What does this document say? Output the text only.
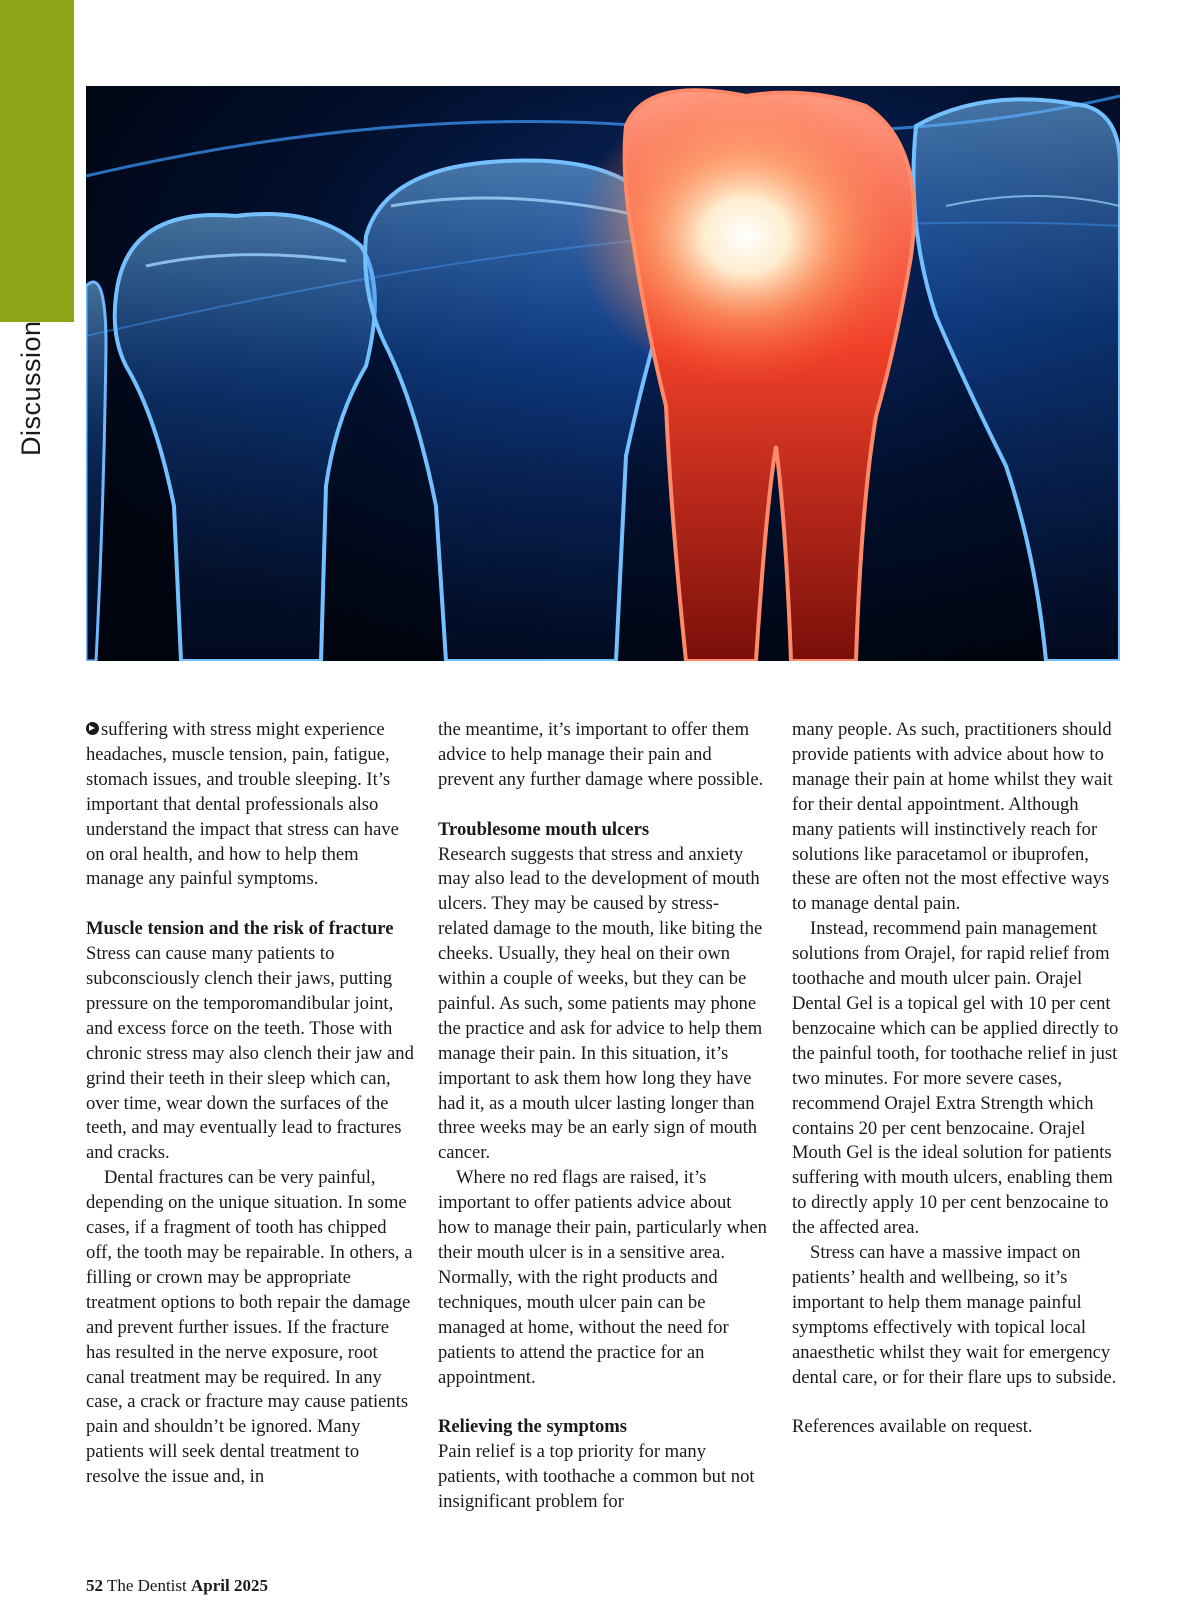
Discussion

suffering with stress might experience headaches, muscle tension, pain, fatigue, stomach issues, and trouble sleeping. It’s important that dental professionals also understand the impact that stress can have on oral health, and how to help them manage any painful symptoms.

Muscle tension and the risk of fracture

Stress can cause many patients to subconsciously clench their jaws, putting pressure on the temporomandibular joint, and excess force on the teeth. Those with chronic stress may also clench their jaw and grind their teeth in their sleep which can, over time, wear down the surfaces of the teeth, and may eventually lead to fractures and cracks.

Dental fractures can be very painful, depending on the unique situation. In some cases, if a fragment of tooth has chipped off, the tooth may be repairable. In others, a filling or crown may be appropriate treatment options to both repair the damage and prevent further issues. If the fracture has resulted in the nerve exposure, root canal treatment may be required. In any case, a crack or fracture may cause patients pain and shouldn’t be ignored. Many patients will seek dental treatment to resolve the issue and, in

the meantime, it’s important to offer them advice to help manage their pain and prevent any further damage where possible.

Troublesome mouth ulcers

Research suggests that stress and anxiety may also lead to the development of mouth ulcers. They may be caused by stress-related damage to the mouth, like biting the cheeks. Usually, they heal on their own within a couple of weeks, but they can be painful. As such, some patients may phone the practice and ask for advice to help them manage their pain. In this situation, it’s important to ask them how long they have had it, as a mouth ulcer lasting longer than three weeks may be an early sign of mouth cancer.

Where no red flags are raised, it’s important to offer patients advice about how to manage their pain, particularly when their mouth ulcer is in a sensitive area. Normally, with the right products and techniques, mouth ulcer pain can be managed at home, without the need for patients to attend the practice for an appointment.

Relieving the symptoms

Pain relief is a top priority for many patients, with toothache a common but not insignificant problem for

many people. As such, practitioners should provide patients with advice about how to manage their pain at home whilst they wait for their dental appointment. Although many patients will instinctively reach for solutions like paracetamol or ibuprofen, these are often not the most effective ways to manage dental pain.

Instead, recommend pain management solutions from Orajel, for rapid relief from toothache and mouth ulcer pain. Orajel Dental Gel is a topical gel with 10 per cent benzocaine which can be applied directly to the painful tooth, for toothache relief in just two minutes. For more severe cases, recommend Orajel Extra Strength which contains 20 per cent benzocaine. Orajel Mouth Gel is the ideal solution for patients suffering with mouth ulcers, enabling them to directly apply 10 per cent benzocaine to the affected area.

Stress can have a massive impact on patients’ health and wellbeing, so it’s important to help them manage painful symptoms effectively with topical local anaesthetic whilst they wait for emergency dental care, or for their flare ups to subside.

References available on request.

52 The Dentist April 2025
